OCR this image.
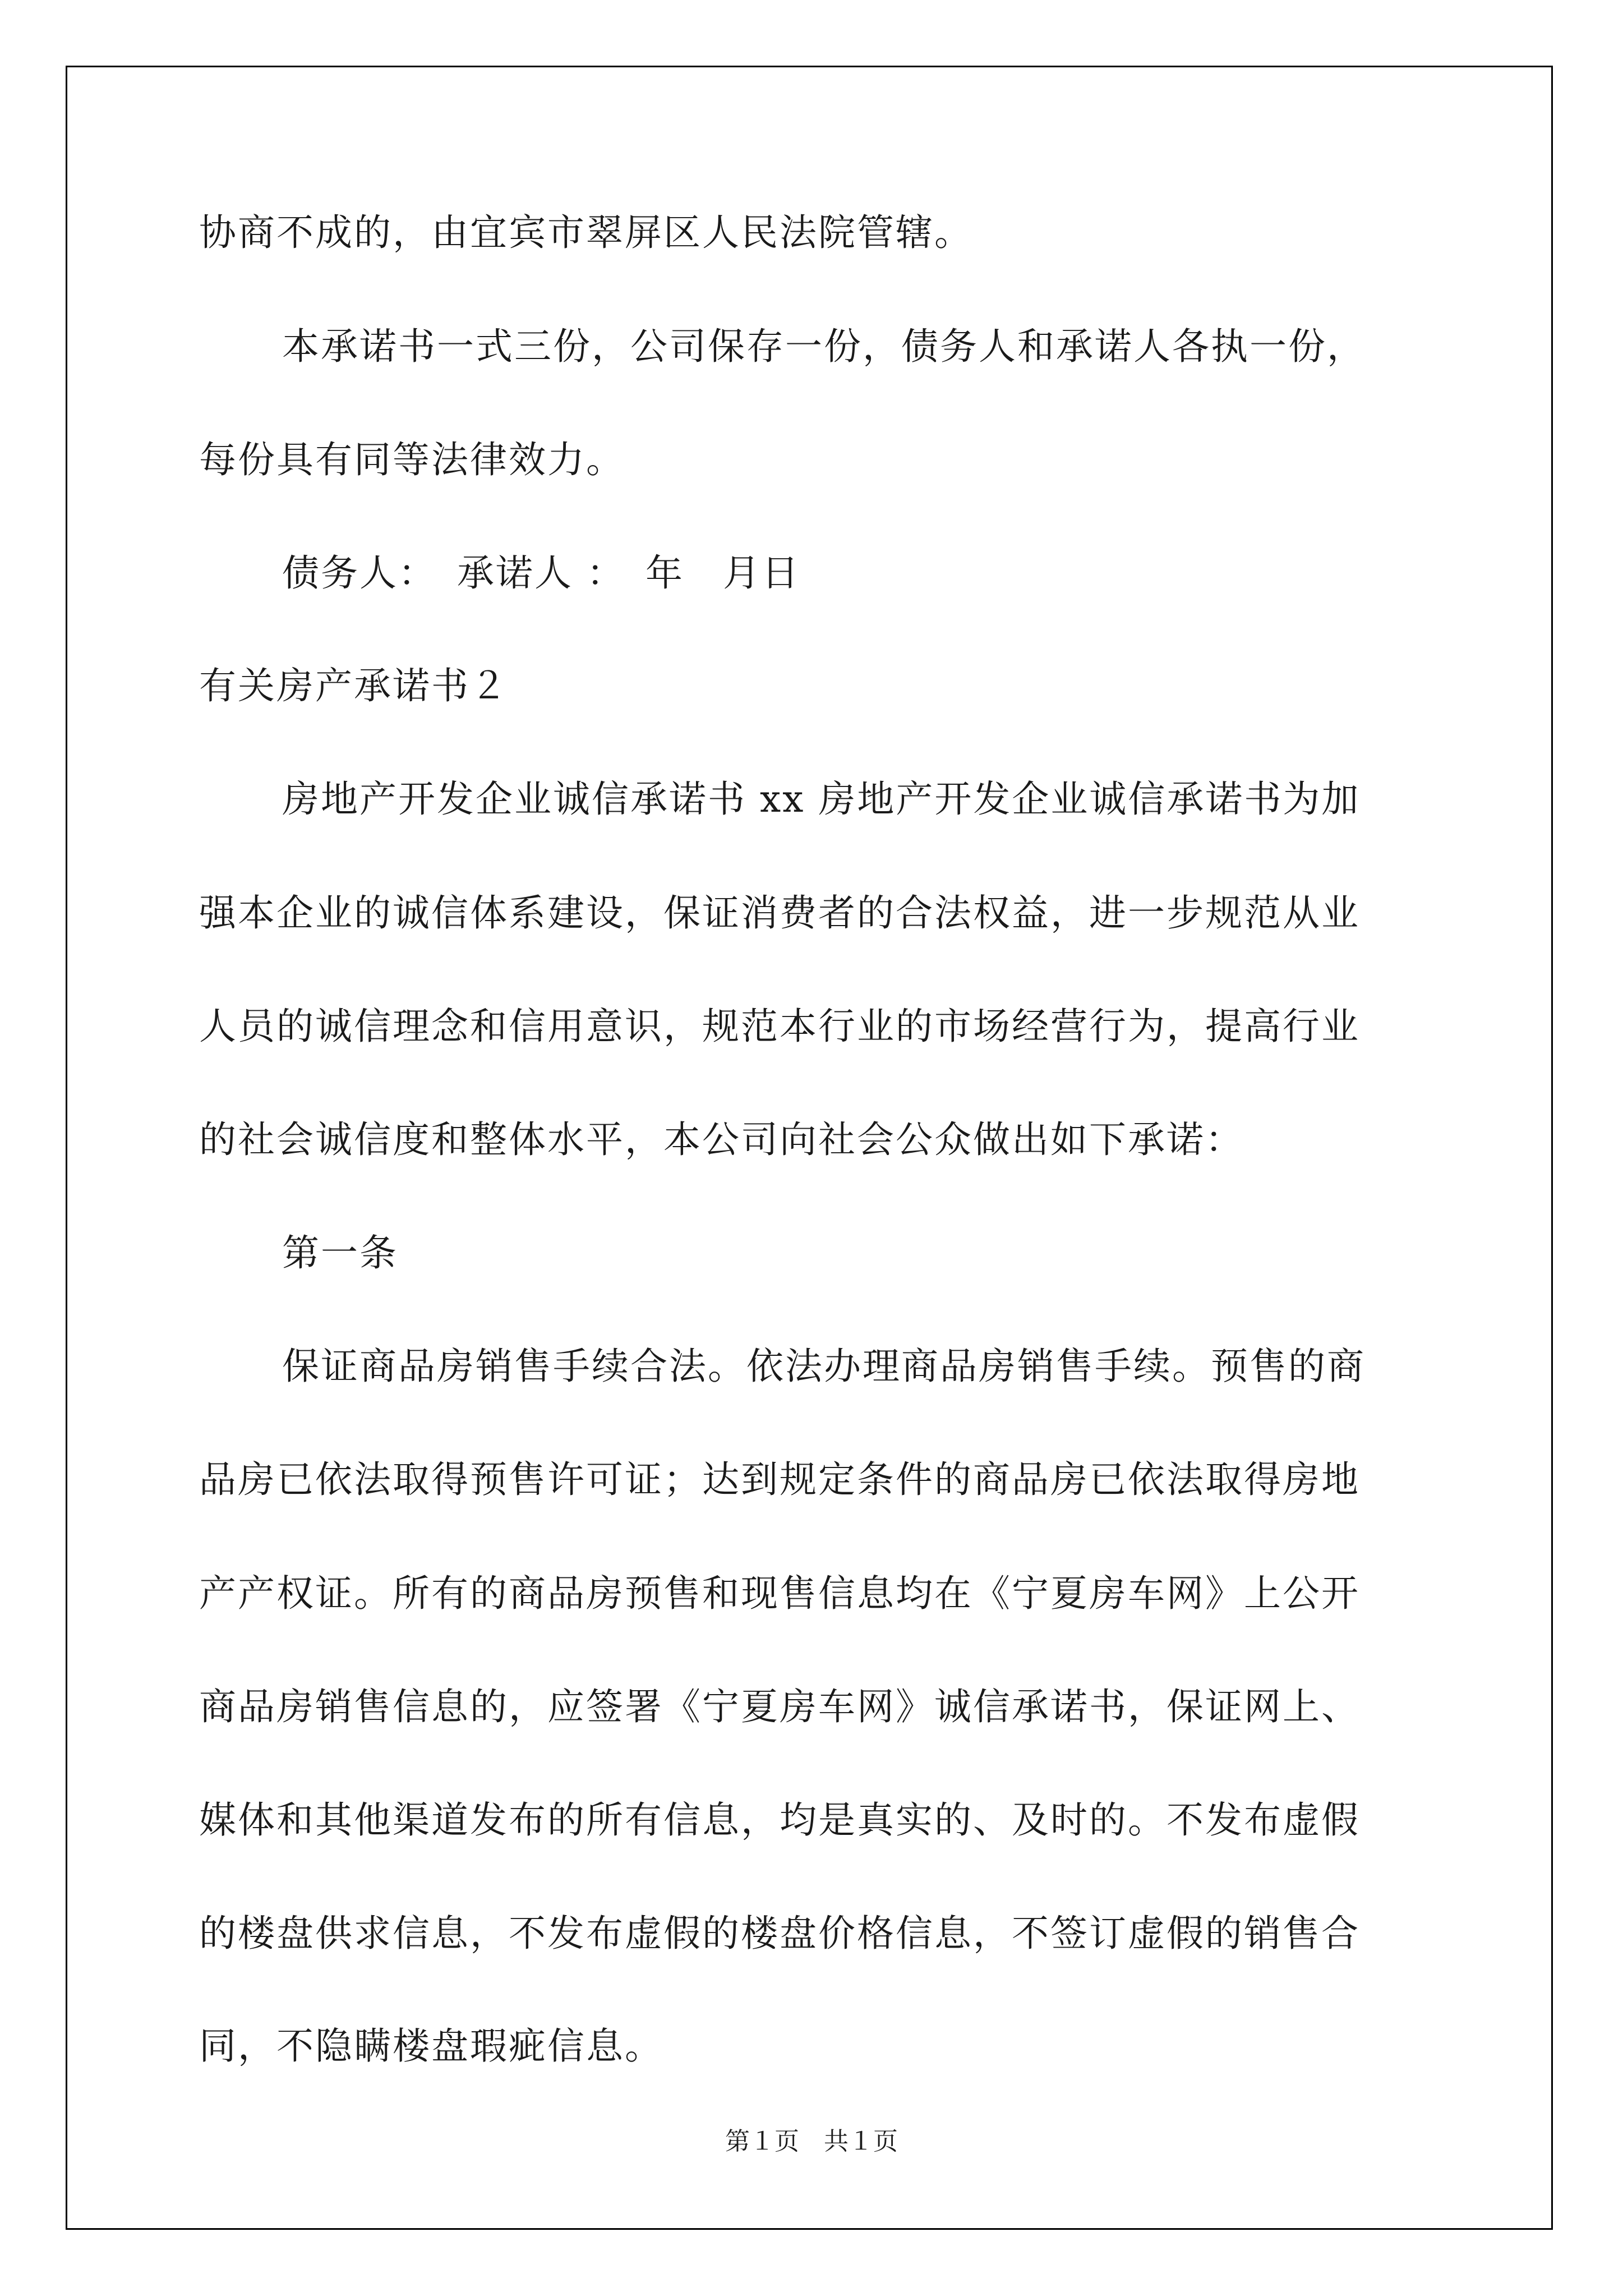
协商不成的，由宜宾市翠屏区人民法院管辖。
本承诺书一式三份，公司保存一份，债务人和承诺人各执一份，
每份具有同等法律效力。
债务人：　承诺人 ：　年　月日
有关房产承诺书２
房地产开发企业诚信承诺书 xx 房地产开发企业诚信承诺书为加
强本企业的诚信体系建设，保证消费者的合法权益，进一步规范从业
人员的诚信理念和信用意识，规范本行业的市场经营行为，提高行业
的社会诚信度和整体水平，本公司向社会公众做出如下承诺：
第一条
保证商品房销售手续合法。依法办理商品房销售手续。预售的商
品房已依法取得预售许可证；达到规定条件的商品房已依法取得房地
产产权证。所有的商品房预售和现售信息均在《宁夏房车网》上公开
商品房销售信息的，应签署《宁夏房车网》诚信承诺书，保证网上、
媒体和其他渠道发布的所有信息，均是真实的、及时的。不发布虚假
的楼盘供求信息，不发布虚假的楼盘价格信息，不签订虚假的销售合
同，不隐瞒楼盘瑕疵信息。
第１页　共１页
